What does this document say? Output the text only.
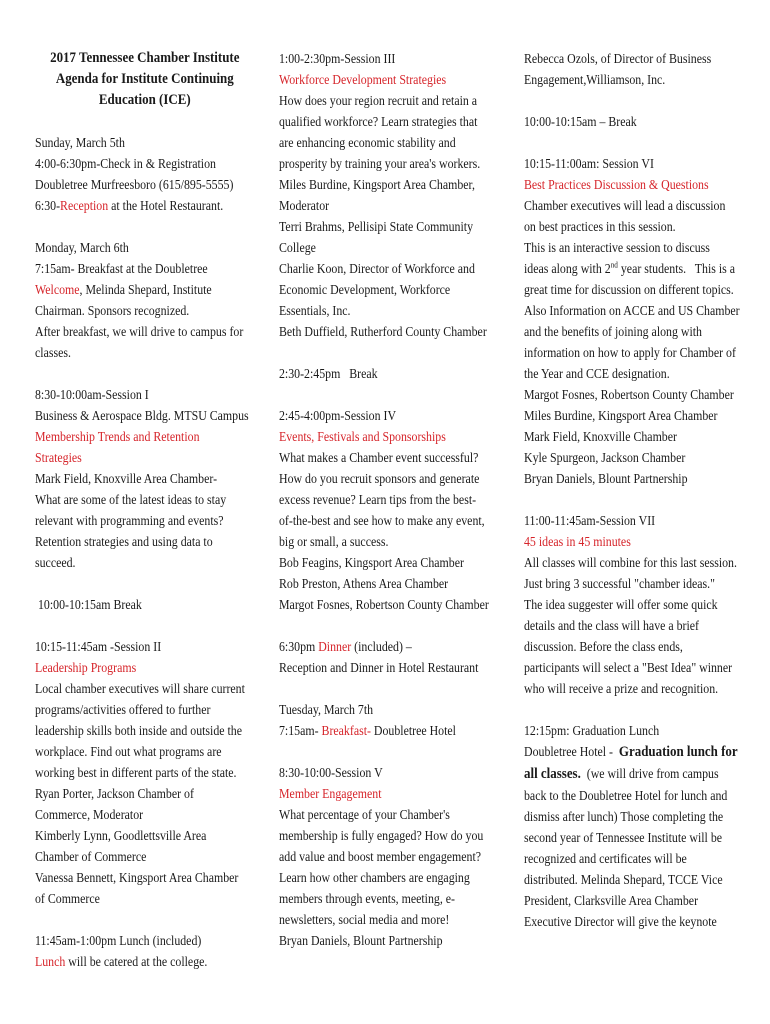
2017 Tennessee Chamber Institute
Agenda for Institute Continuing
Education (ICE)
Sunday, March 5th
4:00-6:30pm-Check in & Registration
Doubletree Murfreesboro (615/895-5555)
6:30-Reception at the Hotel Restaurant.
Monday, March 6th
7:15am- Breakfast at the Doubletree
Welcome, Melinda Shepard, Institute
Chairman. Sponsors recognized.
After breakfast, we will drive to campus for
classes.
8:30-10:00am-Session I
Business & Aerospace Bldg. MTSU Campus
Membership Trends and Retention
Strategies
Mark Field, Knoxville Area Chamber-
What are some of the latest ideas to stay
relevant with programming and events?
Retention strategies and using data to
succeed.
10:00-10:15am Break
10:15-11:45am -Session II
Leadership Programs
Local chamber executives will share current
programs/activities offered to further
leadership skills both inside and outside the
workplace. Find out what programs are
working best in different parts of the state.
Ryan Porter, Jackson Chamber of
Commerce, Moderator
Kimberly Lynn, Goodlettsville Area
Chamber of Commerce
Vanessa Bennett, Kingsport Area Chamber
of Commerce
11:45am-1:00pm Lunch (included)
Lunch will be catered at the college.
1:00-2:30pm-Session III
Workforce Development Strategies
How does your region recruit and retain a
qualified workforce? Learn strategies that
are enhancing economic stability and
prosperity by training your area's workers.
Miles Burdine, Kingsport Area Chamber,
Moderator
Terri Brahms, Pellisipi State Community
College
Charlie Koon, Director of Workforce and
Economic Development, Workforce
Essentials, Inc.
Beth Duffield, Rutherford County Chamber
2:30-2:45pm   Break
2:45-4:00pm-Session IV
Events, Festivals and Sponsorships
What makes a Chamber event successful?
How do you recruit sponsors and generate
excess revenue? Learn tips from the best-
of-the-best and see how to make any event,
big or small, a success.
Bob Feagins, Kingsport Area Chamber
Rob Preston, Athens Area Chamber
Margot Fosnes, Robertson County Chamber
6:30pm Dinner (included) –
Reception and Dinner in Hotel Restaurant
Tuesday, March 7th
7:15am- Breakfast- Doubletree Hotel
8:30-10:00-Session V
Member Engagement
What percentage of your Chamber's
membership is fully engaged? How do you
add value and boost member engagement?
Learn how other chambers are engaging
members through events, meeting, e-
newsletters, social media and more!
Bryan Daniels, Blount Partnership
Rebecca Ozols, of Director of Business
Engagement,Williamson, Inc.
10:00-10:15am – Break
10:15-11:00am: Session VI
Best Practices Discussion & Questions
Chamber executives will lead a discussion
on best practices in this session.
This is an interactive session to discuss
ideas along with 2nd year students.   This is a
great time for discussion on different topics.
Also Information on ACCE and US Chamber
and the benefits of joining along with
information on how to apply for Chamber of
the Year and CCE designation.
Margot Fosnes, Robertson County Chamber
Miles Burdine, Kingsport Area Chamber
Mark Field, Knoxville Chamber
Kyle Spurgeon, Jackson Chamber
Bryan Daniels, Blount Partnership
11:00-11:45am-Session VII
45 ideas in 45 minutes
All classes will combine for this last session.
Just bring 3 successful "chamber ideas."
The idea suggester will offer some quick
details and the class will have a brief
discussion. Before the class ends,
participants will select a "Best Idea" winner
who will receive a prize and recognition.
12:15pm: Graduation Lunch
Doubletree Hotel -  Graduation lunch for
all classes.  (we will drive from campus
back to the Doubletree Hotel for lunch and
dismiss after lunch) Those completing the
second year of Tennessee Institute will be
recognized and certificates will be
distributed. Melinda Shepard, TCCE Vice
President, Clarksville Area Chamber
Executive Director will give the keynote
